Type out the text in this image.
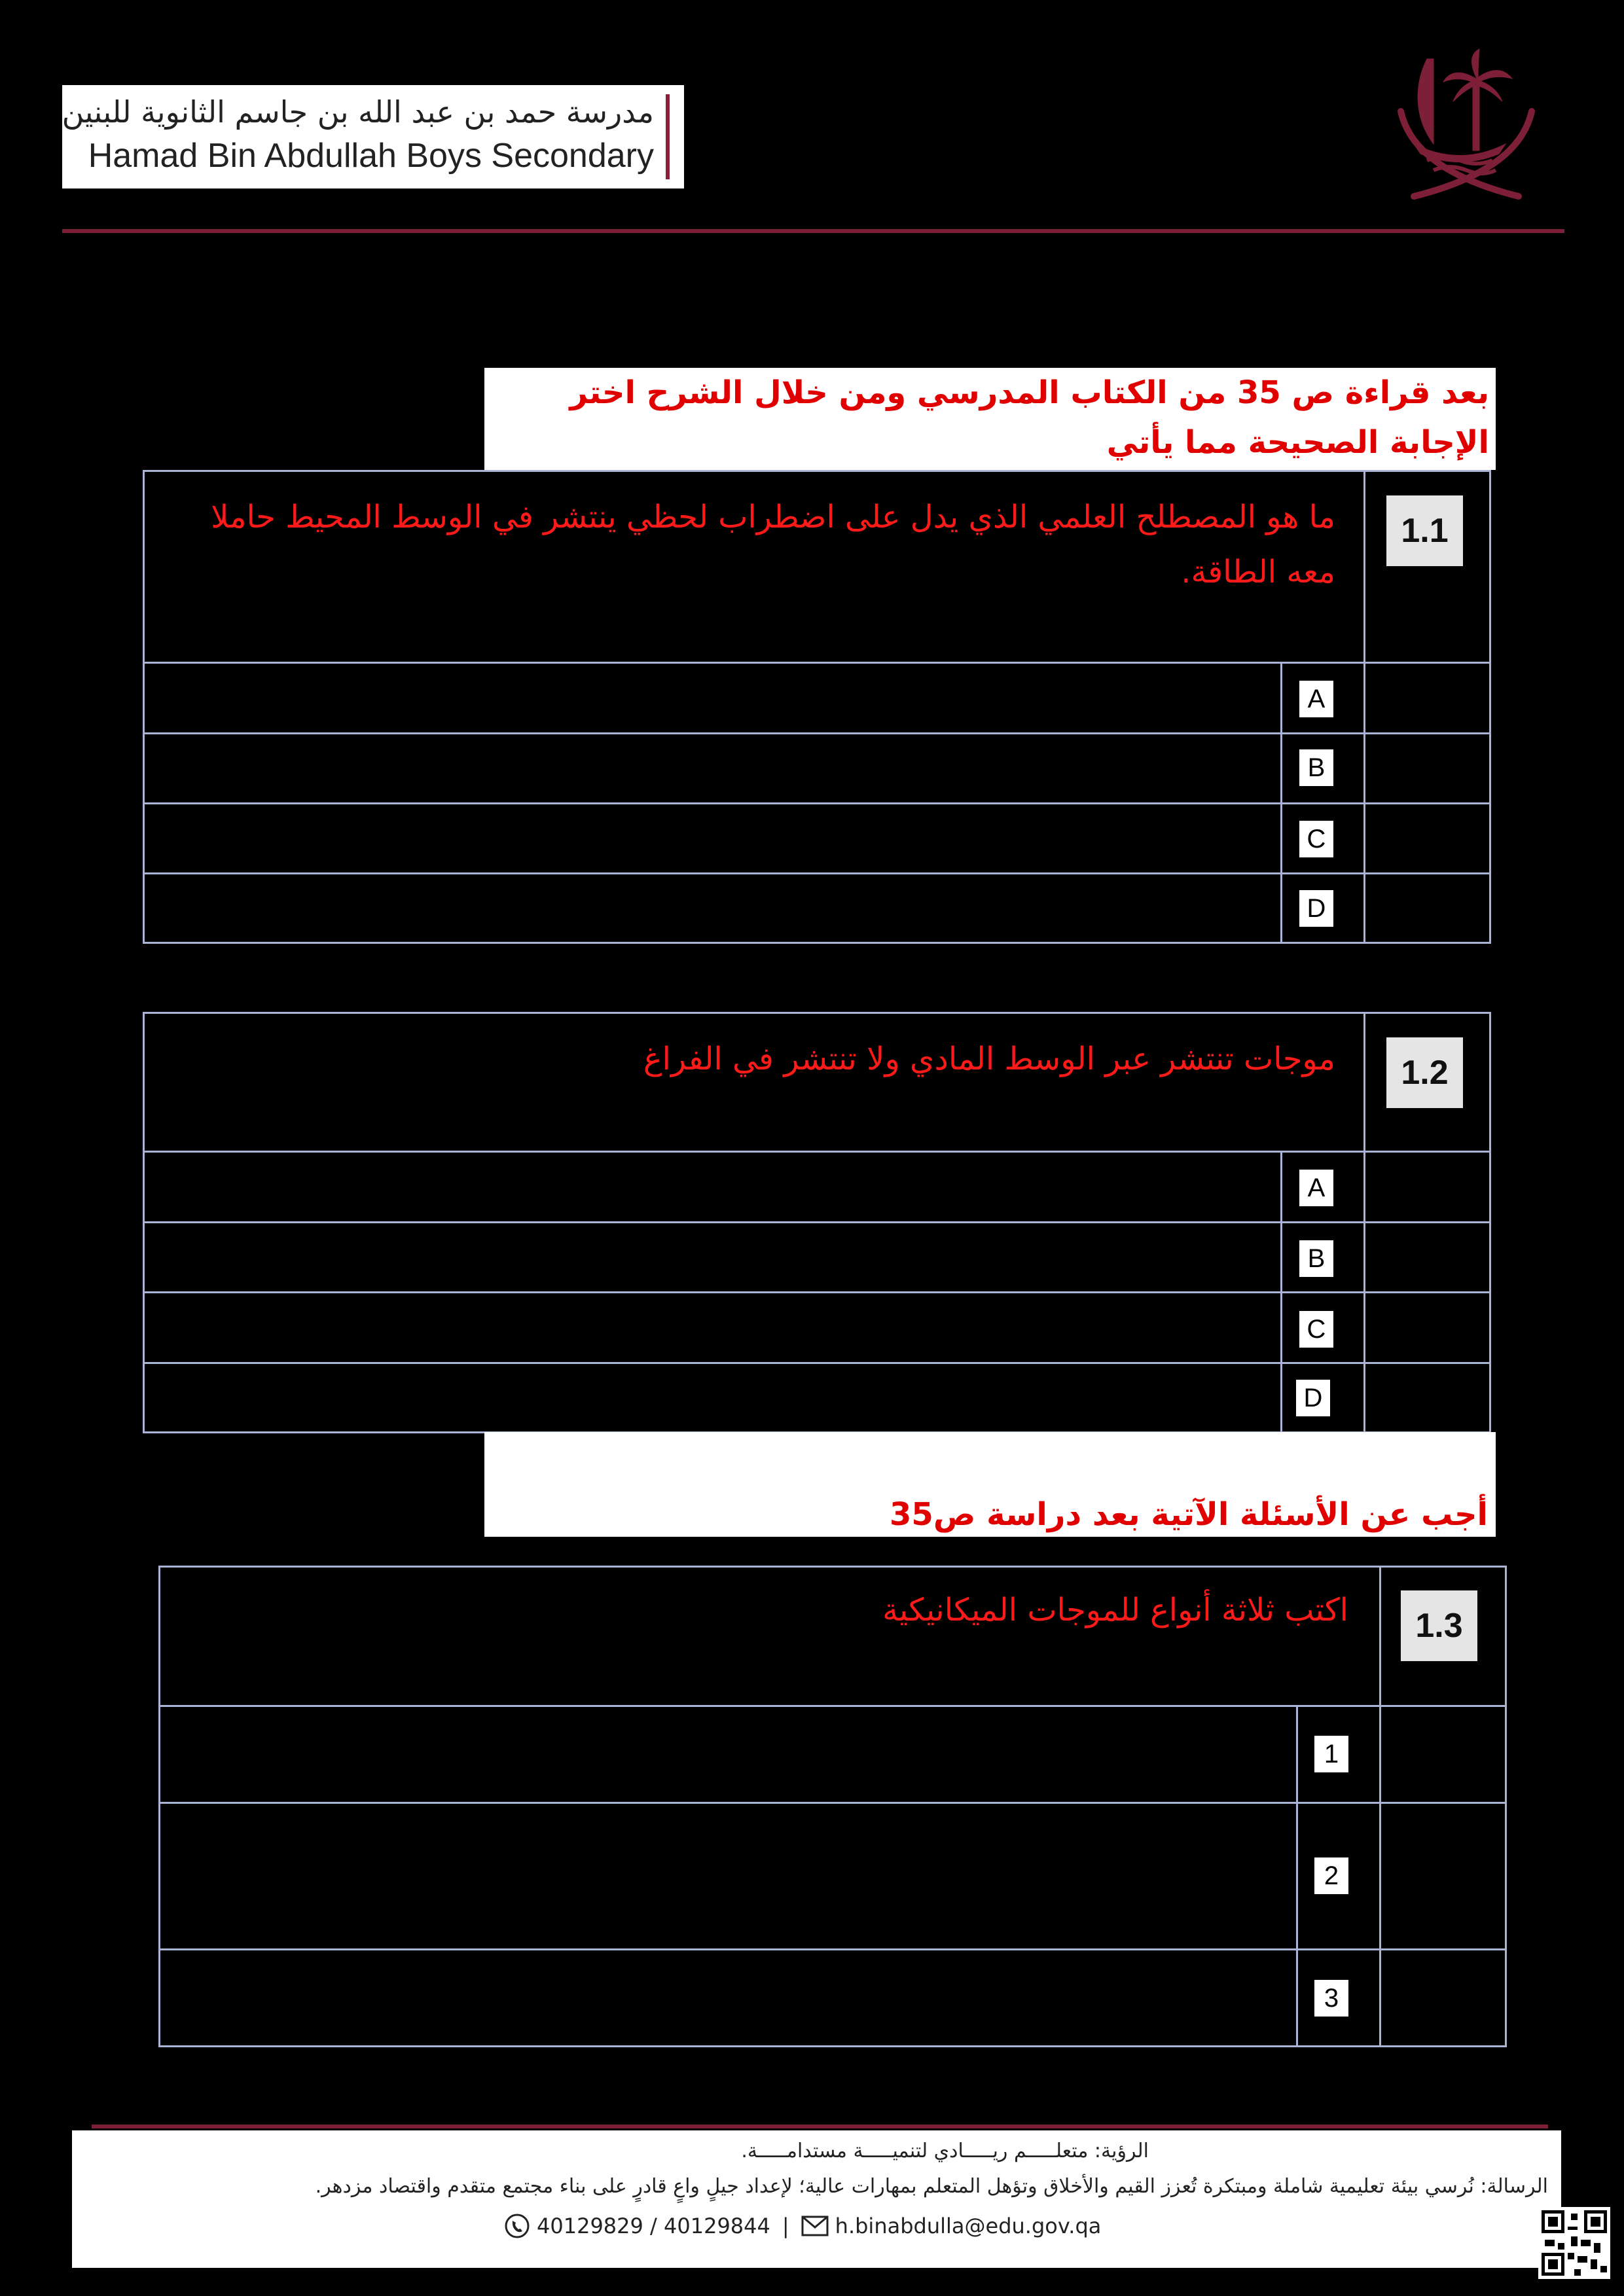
مدرسة حمد بن عبد الله بن جاسم الثانوية للبنين
Hamad Bin Abdullah Boys Secondary
بعد قراءة ص 35 من الكتاب المدرسي ومن خلال الشرح اختر الإجابة الصحيحة مما يأتي
1.1
ما هو المصطلح العلمي الذي يدل على اضطراب لحظي ينتشر في الوسط المحيط حاملا معه الطاقة.
A
B
C
D
1.2
موجات تنتشر عبر الوسط المادي ولا تنتشر في الفراغ
A
B
C
D
أجب عن الأسئلة الآتية بعد دراسة ص35
1.3
اكتب ثلاثة أنواع للموجات الميكانيكية
1
2
3
الرؤية: متعلـــــم ريـــــادي لتنميـــــة مستدامـــــة.
الرسالة: نُرسي بيئة تعليمية شاملة ومبتكرة تُعزز القيم والأخلاق وتؤهل المتعلم بمهارات عالية؛ لإعداد جيلٍ واعٍ قادرٍ على بناء مجتمع متقدم واقتصاد مزدهر.
40129829 / 40129844 | h.binabdulla@edu.gov.qa
